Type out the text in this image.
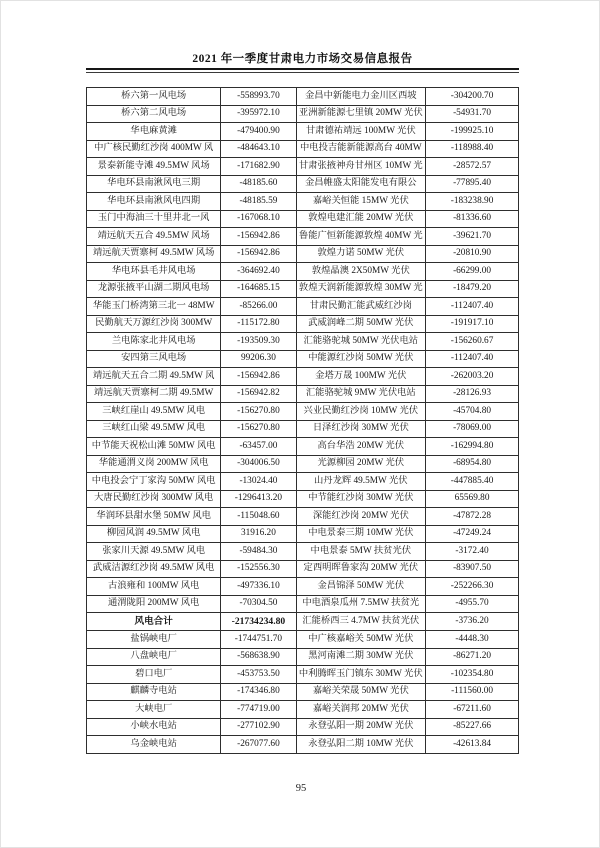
2021 年一季度甘肃电力市场交易信息报告
桥六第一风电场	-558993.70	金昌中新能电力金川区西坡	-304200.70
桥六第二风电场	-395972.10	亚洲新能源七里镇 20MW 光伏	-54931.70
华电麻黄滩	-479400.90	甘肃德祐靖远 100MW 光伏	-199925.10
中广核民勤红沙岗 400MW 风	-484643.10	中电投吉能新能源高台 40MW	-118988.40
景泰新能寺滩 49.5MW 风场	-171682.90	甘肃张掖神舟甘州区 10MW 光	-28572.57
华电环县南湫风电三期	-48185.60	金昌帷盛太阳能发电有限公	-77895.40
华电环县南湫风电四期	-48185.59	嘉峪关恒能 15MW 光伏	-183238.90
玉门中海油三十里井北一风	-167068.10	敦煌电建汇能 20MW 光伏	-81336.60
靖远航天五合 49.5MW 风场	-156942.86	鲁能广恒新能源敦煌 40MW 光	-39621.70
靖远航天贾寨柯 49.5MW 风场	-156942.86	敦煌力诺 50MW 光伏	-20810.90
华电环县毛井风电场	-364692.40	敦煌晶澳 2X50MW 光伏	-66299.00
龙源张掖平山湖二期风电场	-164685.15	敦煌天润新能源敦煌 30MW 光	-18479.20
华能玉门桥湾第三北一 48MW	-85266.00	甘肃民勤汇能武威红沙岗	-112407.40
民勤航天万源红沙岗 300MW	-115172.80	武威润峰二期 50MW 光伏	-191917.10
兰电陈家北井风电场	-193509.30	汇能骆驼城 50MW 光伏电站	-156260.67
安四第三风电场	99206.30	中能源红沙岗 50MW 光伏	-112407.40
靖远航天五合二期 49.5MW 风	-156942.86	金塔万晟 100MW 光伏	-262003.20
靖远航天贾寨柯二期 49.5MW	-156942.82	汇能骆驼城 9MW 光伏电站	-28126.93
三峡红崖山 49.5MW 风电	-156270.80	兴业民勤红沙岗 10MW 光伏	-45704.80
三峡红山梁 49.5MW 风电	-156270.80	日泽红沙岗 30MW 光伏	-78069.00
中节能天祝松山滩 50MW 风电	-63457.00	高台华浩 20MW 光伏	-162994.80
华能通渭义岗 200MW 风电	-304006.50	光源柳园 20MW 光伏	-68954.80
中电投会宁丁家沟 50MW 风电	-13024.40	山丹龙辉 49.5MW 光伏	-447885.40
大唐民勤红沙岗 300MW 风电	-1296413.20	中节能红沙岗 30MW 光伏	65569.80
华润环县甜水堡 50MW 风电	-115048.60	深能红沙岗 20MW 光伏	-47872.28
柳园风润 49.5MW 风电	31916.20	中电景泰三期 10MW 光伏	-47249.24
张家川天源 49.5MW 风电	-59484.30	中电景泰 5MW 扶贫光伏	-3172.40
武威洁源红沙岗 49.5MW 风电	-152556.30	定西明晖鲁家沟 20MW 光伏	-83907.50
古浪雍和 100MW 风电	-497336.10	金昌锦泽 50MW 光伏	-252266.30
通渭陇阳 200MW 风电	-70304.50	中电酒泉瓜州 7.5MW 扶贫光	-4955.70
风电合计	-21734234.80	汇能桥西三 4.7MW 扶贫光伏	-3736.20
盐锅峡电厂	-1744751.70	中广核嘉峪关 50MW 光伏	-4448.30
八盘峡电厂	-568638.90	黑河南滩二期 30MW 光伏	-86271.20
碧口电厂	-453753.50	中利腾晖玉门镇东 30MW 光伏	-102354.80
麒麟寺电站	-174346.80	嘉峪关荣晟 50MW 光伏	-111560.00
大峡电厂	-774719.00	嘉峪关润邦 20MW 光伏	-67211.60
小峡水电站	-277102.90	永登弘阳一期 20MW 光伏	-85227.66
乌金峡电站	-267077.60	永登弘阳二期 10MW 光伏	-42613.84
95
